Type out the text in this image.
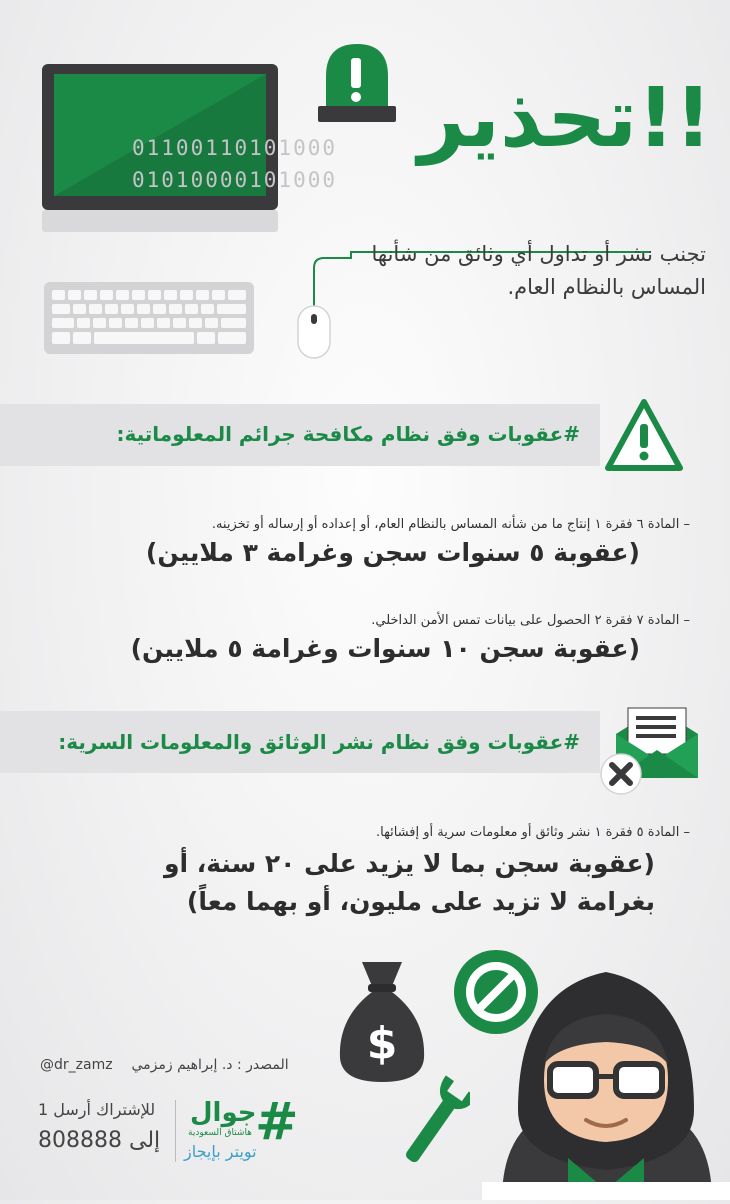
01100110101000
01010000101000
تحذير!!
تجنب نشر أو تداول أي وثائق من شأنها المساس بالنظام العام.
#عقوبات وفق نظام مكافحة جرائم المعلوماتية:
– المادة ٦ فقرة ١ إنتاج ما من شأنه المساس بالنظام العام، أو إعداده أو إرساله أو تخزينه.
(عقوبة ٥ سنوات سجن وغرامة ٣ ملايين)
– المادة ٧ فقرة ٢ الحصول على بيانات تمس الأمن الداخلي.
(عقوبة سجن ١٠ سنوات وغرامة ٥ ملايين)
#عقوبات وفق نظام نشر الوثائق والمعلومات السرية:
– المادة ٥ فقرة ١ نشر وثائق أو معلومات سرية أو إفشائها.
(عقوبة سجن بما لا يزيد على ٢٠ سنة، أو بغرامة لا تزيد على مليون، أو بهما معاً)
$
@dr_zamz المصدر : د. إبراهيم زمزمي
للإشتراك أرسل 1
إلى 808888
جوال
هاشتاق السعودية
تويتر بإيجاز
#
